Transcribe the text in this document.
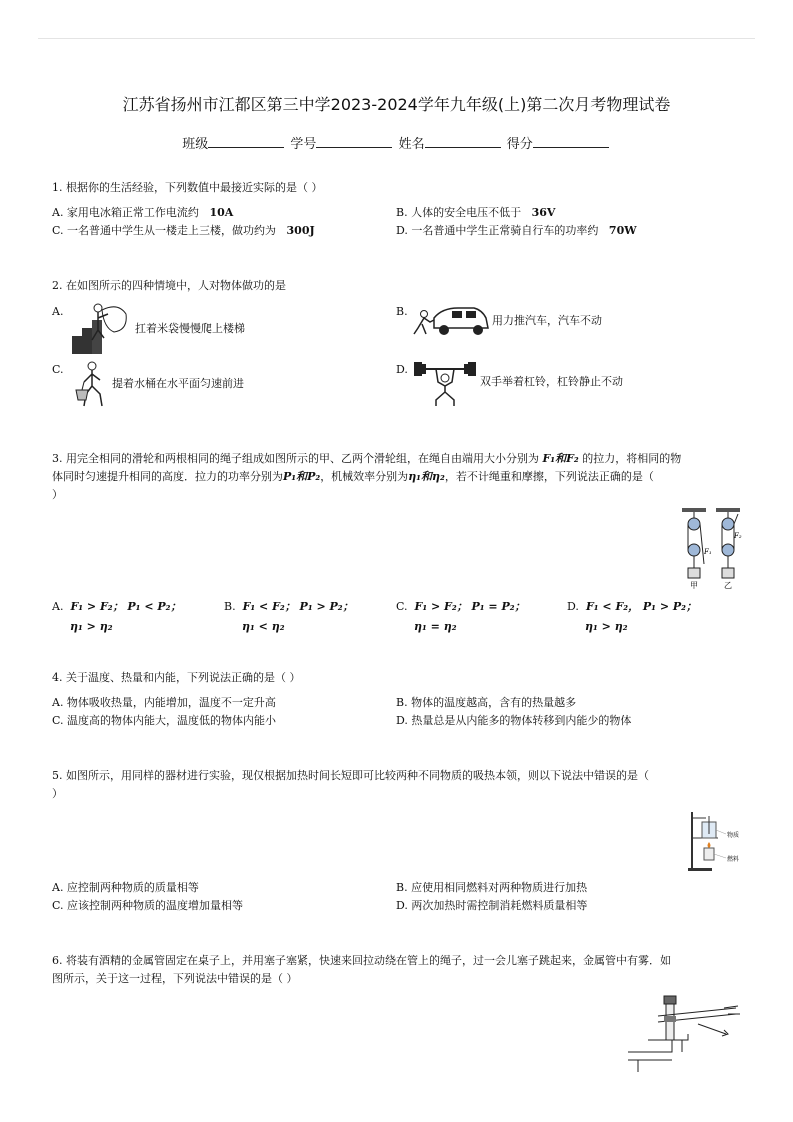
江苏省扬州市江都区第三中学2023-2024学年九年级(上)第二次月考物理试卷
班级	学号	姓名	得分
1. 根据你的生活经验，下列数值中最接近实际的是（ ）
A. 家用电冰箱正常工作电流约 10A	B. 人体的安全电压不低于 36V
C. 一名普通中学生从一楼走上三楼，做功约为 300J	D. 一名普通中学生正常骑自行车的功率约 70W
2. 在如图所示的四种情境中，人对物体做功的是
A.
扛着米袋慢慢爬上楼梯
B.
用力推汽车，汽车不动
C.
提着水桶在水平面匀速前进
D.
双手举着杠铃，杠铃静止不动
3. 用完全相同的滑轮和两根相同的绳子组成如图所示的甲、乙两个滑轮组，在绳自由端用大小分别为 F₁和F₂ 的拉力，将相同的物
体同时匀速提升相同的高度．拉力的功率分别为P₁和P₂，机械效率分别为η₁和η₂，若不计绳重和摩擦，下列说法正确的是（
）
F₁
F₂
甲	乙
A. F₁ > F₂； P₁ < P₂；
η₁ > η₂
B. F₁ < F₂； P₁ > P₂；
η₁ < η₂
C. F₁ > F₂； P₁ = P₂；
η₁ = η₂
D. F₁ < F₂， P₁ > P₂；
η₁ > η₂
4. 关于温度、热量和内能，下列说法正确的是（ ）
A. 物体吸收热量，内能增加，温度不一定升高	B. 物体的温度越高，含有的热量越多
C. 温度高的物体内能大，温度低的物体内能小	D. 热量总是从内能多的物体转移到内能少的物体
5. 如图所示，用同样的器材进行实验，现仅根据加热时间长短即可比较两种不同物质的吸热本领，则以下说法中错误的是（
）
物质
燃料
A. 应控制两种物质的质量相等	B. 应使用相同燃料对两种物质进行加热
C. 应该控制两种物质的温度增加量相等	D. 两次加热时需控制消耗燃料质量相等
6. 将装有酒精的金属管固定在桌子上，并用塞子塞紧，快速来回拉动绕在管上的绳子，过一会儿塞子跳起来，金属管中有雾．如
图所示，关于这一过程，下列说法中错误的是（ ）
